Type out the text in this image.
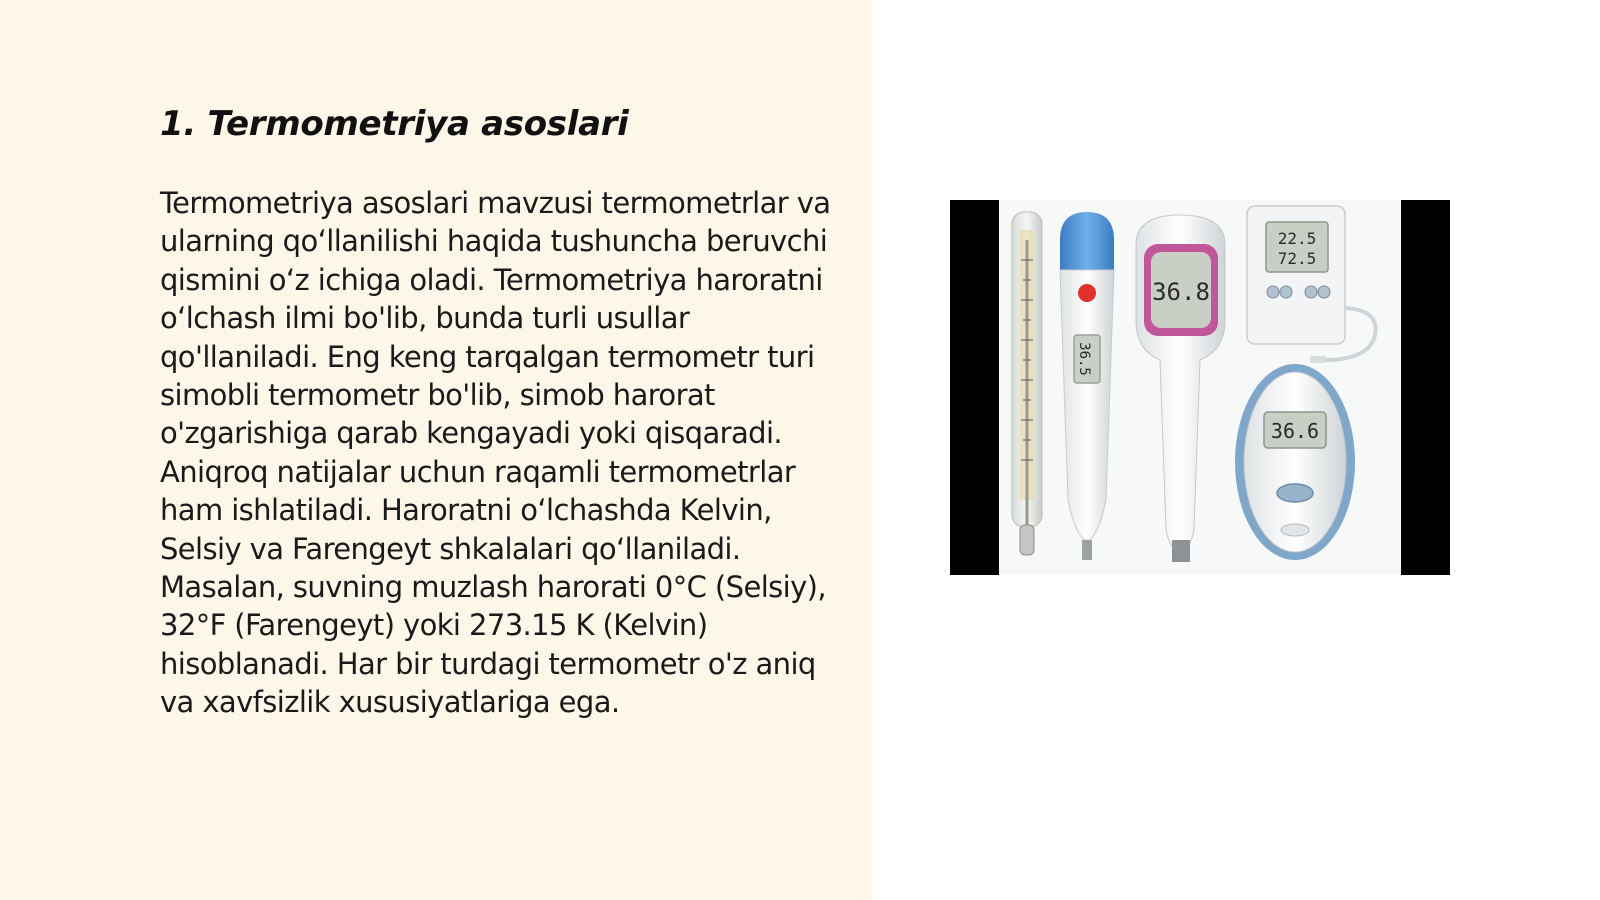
1. Termometriya asoslari

Termometriya asoslari mavzusi termometrlar va ularning qo‘llanilishi haqida tushuncha beruvchi qismini o‘z ichiga oladi. Termometriya haroratni o‘lchash ilmi bo'lib, bunda turli usullar qo'llaniladi. Eng keng tarqalgan termometr turi simobli termometr bo'lib, simob harorat o'zgarishiga qarab kengayadi yoki qisqaradi. Aniqroq natijalar uchun raqamli termometrlar ham ishlatiladi. Haroratni o‘lchashda Kelvin, Selsiy va Farengeyt shkalalari qo‘llaniladi. Masalan, suvning muzlash harorati 0°C (Selsiy), 32°F (Farengeyt) yoki 273.15 K (Kelvin) hisoblanadi. Har bir turdagi termometr o'z aniq va xavfsizlik xususiyatlariga ega.

36.5
36.8
22.5
72.5
36.6
